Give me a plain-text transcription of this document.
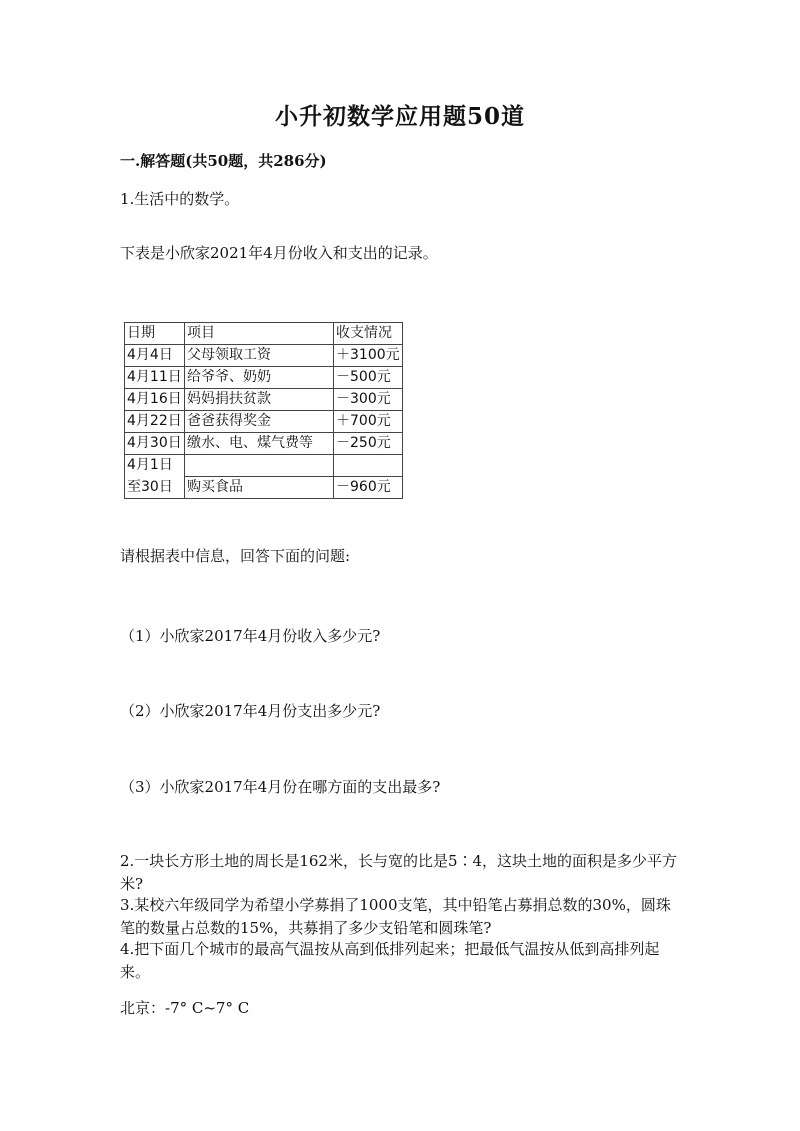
小升初数学应用题50道
一.解答题(共50题，共286分)
1.生活中的数学。
下表是小欣家2021年4月份收入和支出的记录。
日期	项目	收支情况
4月4日	父母领取工资	＋3100元
4月11日	给爷爷、奶奶	－500元
4月16日	妈妈捐扶贫款	－300元
4月22日	爸爸获得奖金	＋700元
4月30日	缴水、电、煤气费等	－250元
4月1日		
至30日	购买食品	－960元
请根据表中信息，回答下面的问题:
（1）小欣家2017年4月份收入多少元?
（2）小欣家2017年4月份支出多少元?
（3）小欣家2017年4月份在哪方面的支出最多?
2.一块长方形土地的周长是162米，长与宽的比是5∶4，这块土地的面积是多少平方米?
3.某校六年级同学为希望小学募捐了1000支笔，其中铅笔占募捐总数的30%，圆珠笔的数量占总数的15%，共募捐了多少支铅笔和圆珠笔?
4.把下面几个城市的最高气温按从高到低排列起来；把最低气温按从低到高排列起来。
北京：-7° C~7° C
